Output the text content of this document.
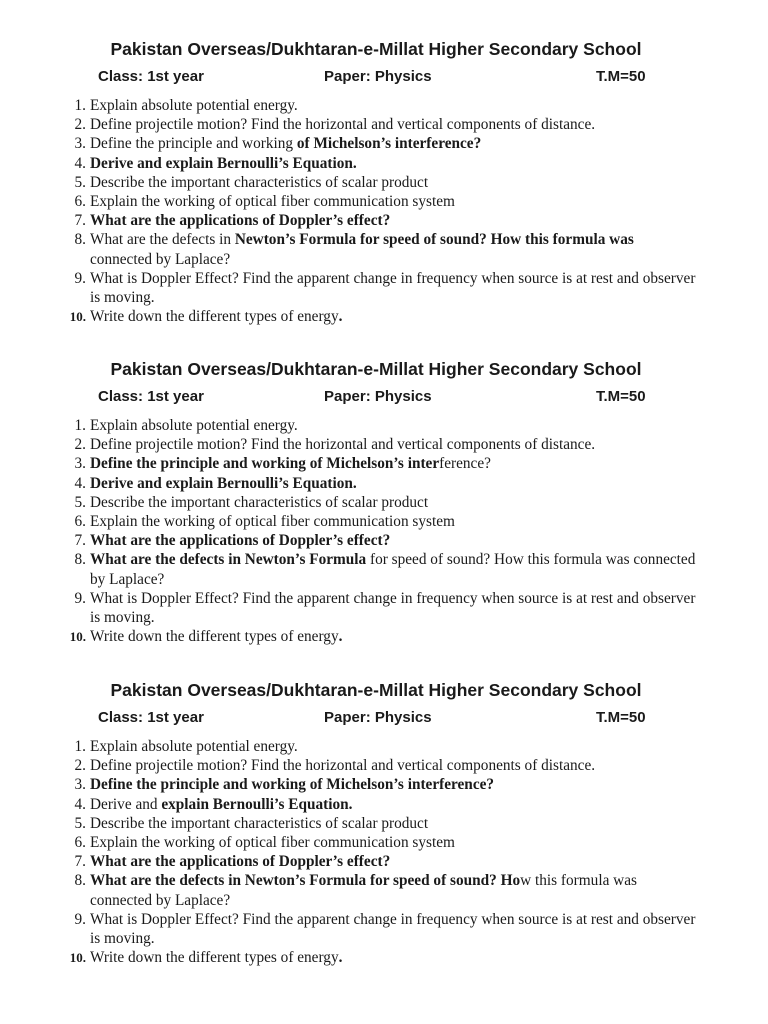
Pakistan Overseas/Dukhtaran-e-Millat Higher Secondary School
Class: 1st year	Paper: Physics	T.M=50
1. Explain absolute potential energy.
2. Define projectile motion? Find the horizontal and vertical components of distance.
3. Define the principle and working of Michelson’s interference?
4. Derive and explain Bernoulli’s Equation.
5. Describe the important characteristics of scalar product
6. Explain the working of optical fiber communication system
7. What are the applications of Doppler’s effect?
8. What are the defects in Newton’s Formula for speed of sound? How this formula was connected by Laplace?
9. What is Doppler Effect? Find the apparent change in frequency when source is at rest and observer is moving.
10. Write down the different types of energy.
Pakistan Overseas/Dukhtaran-e-Millat Higher Secondary School
Class: 1st year	Paper: Physics	T.M=50
1. Explain absolute potential energy.
2. Define projectile motion? Find the horizontal and vertical components of distance.
3. Define the principle and working of Michelson’s interference?
4. Derive and explain Bernoulli’s Equation.
5. Describe the important characteristics of scalar product
6. Explain the working of optical fiber communication system
7. What are the applications of Doppler’s effect?
8. What are the defects in Newton’s Formula for speed of sound? How this formula was connected by Laplace?
9. What is Doppler Effect? Find the apparent change in frequency when source is at rest and observer is moving.
10. Write down the different types of energy.
Pakistan Overseas/Dukhtaran-e-Millat Higher Secondary School
Class: 1st year	Paper: Physics	T.M=50
1. Explain absolute potential energy.
2. Define projectile motion? Find the horizontal and vertical components of distance.
3. Define the principle and working of Michelson’s interference?
4. Derive and explain Bernoulli’s Equation.
5. Describe the important characteristics of scalar product
6. Explain the working of optical fiber communication system
7. What are the applications of Doppler’s effect?
8. What are the defects in Newton’s Formula for speed of sound? How this formula was connected by Laplace?
9. What is Doppler Effect? Find the apparent change in frequency when source is at rest and observer is moving.
10. Write down the different types of energy.
